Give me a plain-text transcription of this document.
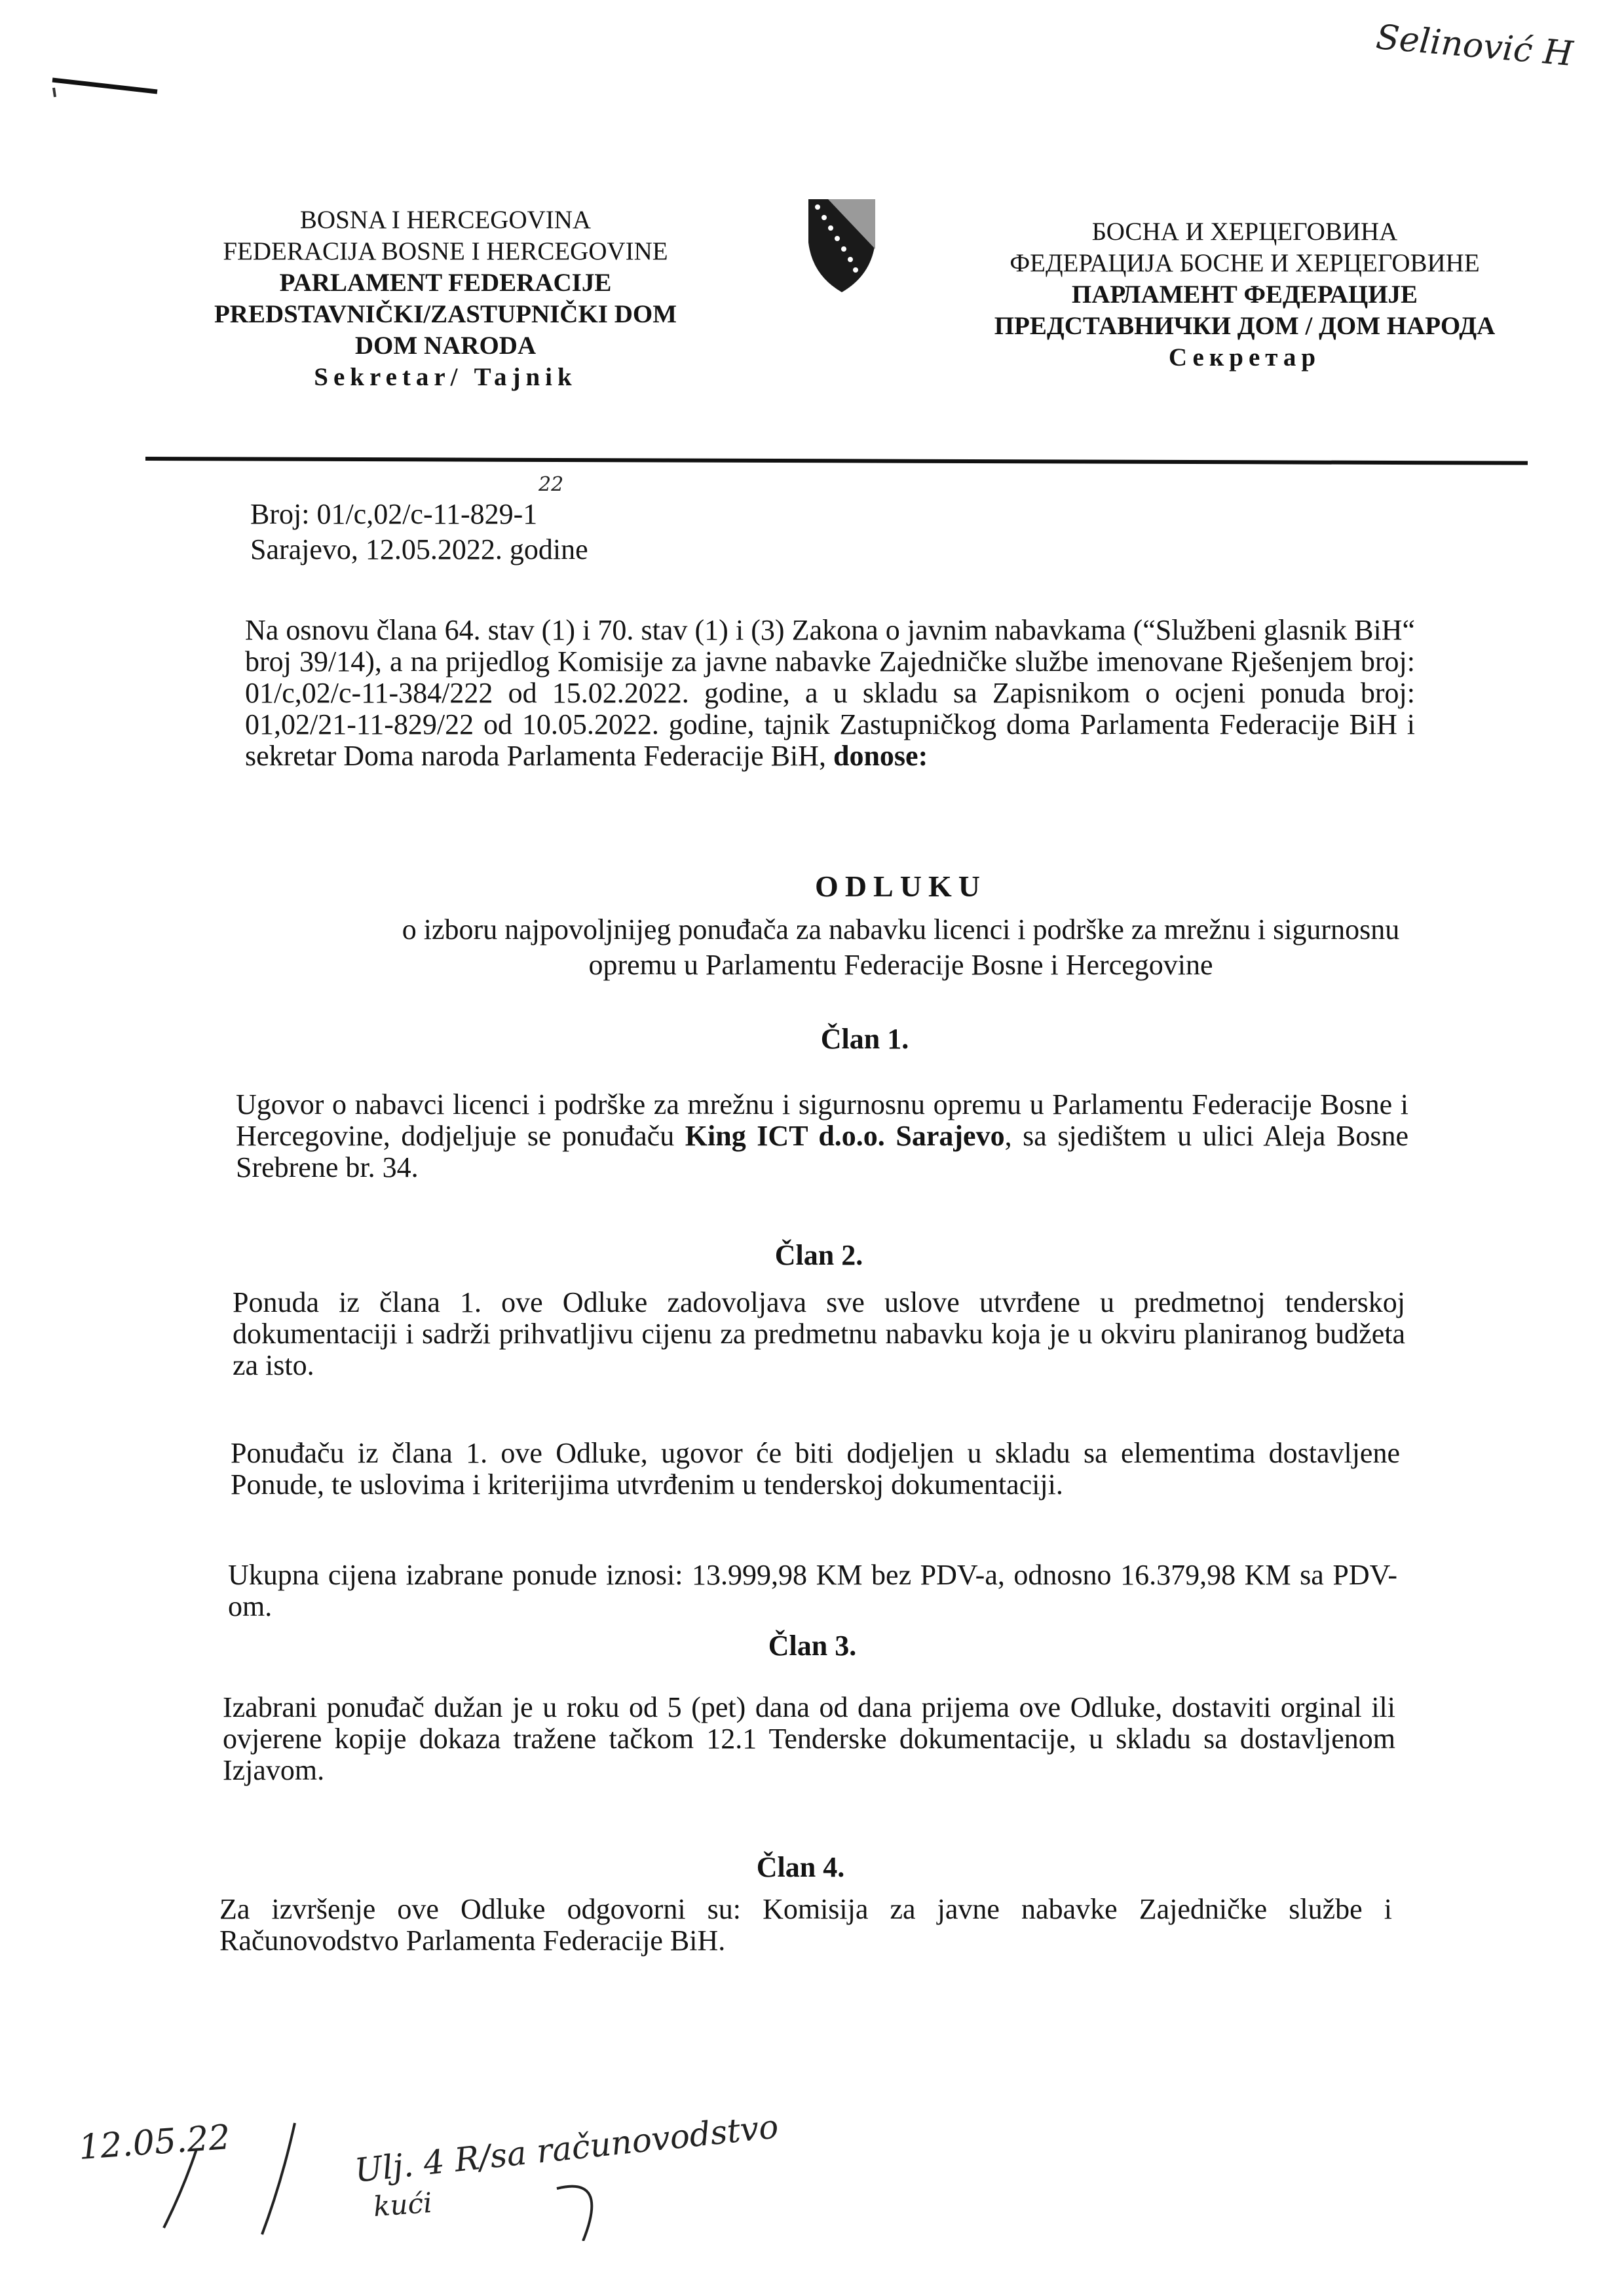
Selinović H
22
BOSNA I HERCEGOVINA
FEDERACIJA BOSNE I HERCEGOVINE
PARLAMENT FEDERACIJE
PREDSTAVNIČKI/ZASTUPNIČKI DOM
DOM NARODA
Sekretar/ Tajnik
БОСНА И ХЕРЦЕГОВИНА
ФЕДЕРАЦИЈА БОСНЕ И ХЕРЦЕГОВИНЕ
ПАРЛАМЕНТ ФЕДЕРАЦИЈЕ
ПРЕДСТАВНИЧКИ ДОМ / ДОМ НАРОДА
Секретар
Broj: 01/c,02/c-11-829-1
Sarajevo, 12.05.2022. godine
Na osnovu člana 64. stav (1) i 70. stav (1) i (3) Zakona o javnim nabavkama (“Službeni glasnik BiH“ broj 39/14), a na prijedlog Komisije za javne nabavke Zajedničke službe imenovane Rješenjem broj: 01/c,02/c-11-384/222 od 15.02.2022. godine, a u skladu sa Zapisnikom o ocjeni ponuda broj: 01,02/21-11-829/22 od 10.05.2022. godine, tajnik Zastupničkog doma Parlamenta Federacije BiH i sekretar Doma naroda Parlamenta Federacije BiH, donose:
ODLUKU
o izboru najpovoljnijeg ponuđača za nabavku licenci i podrške za mrežnu i sigurnosnu
opremu u Parlamentu Federacije Bosne i Hercegovine
Član 1.
Ugovor o nabavci licenci i podrške za mrežnu i sigurnosnu opremu u Parlamentu Federacije Bosne i Hercegovine, dodjeljuje se ponuđaču King ICT d.o.o. Sarajevo, sa sjedištem u ulici Aleja Bosne Srebrene br. 34.
Član 2.
Ponuda iz člana 1. ove Odluke zadovoljava sve uslove utvrđene u predmetnoj tenderskoj dokumentaciji i sadrži prihvatljivu cijenu za predmetnu nabavku koja je u okviru planiranog budžeta za isto.
Ponuđaču iz člana 1. ove Odluke, ugovor će biti dodjeljen u skladu sa elementima dostavljene Ponude, te uslovima i kriterijima utvrđenim u tenderskoj dokumentaciji.
Ukupna cijena izabrane ponude iznosi: 13.999,98 KM bez PDV-a, odnosno 16.379,98 KM sa PDV-om.
Član 3.
Izabrani ponuđač dužan je u roku od 5 (pet) dana od dana prijema ove Odluke, dostaviti orginal ili ovjerene kopije dokaza tražene tačkom 12.1 Tenderske dokumentacije, u skladu sa dostavljenom Izjavom.
Član 4.
Za izvršenje ove Odluke odgovorni su: Komisija za javne nabavke Zajedničke službe i Računovodstvo Parlamenta Federacije BiH.
12.05.22	Ulj. 4 R/sa računovodstvo
kući
